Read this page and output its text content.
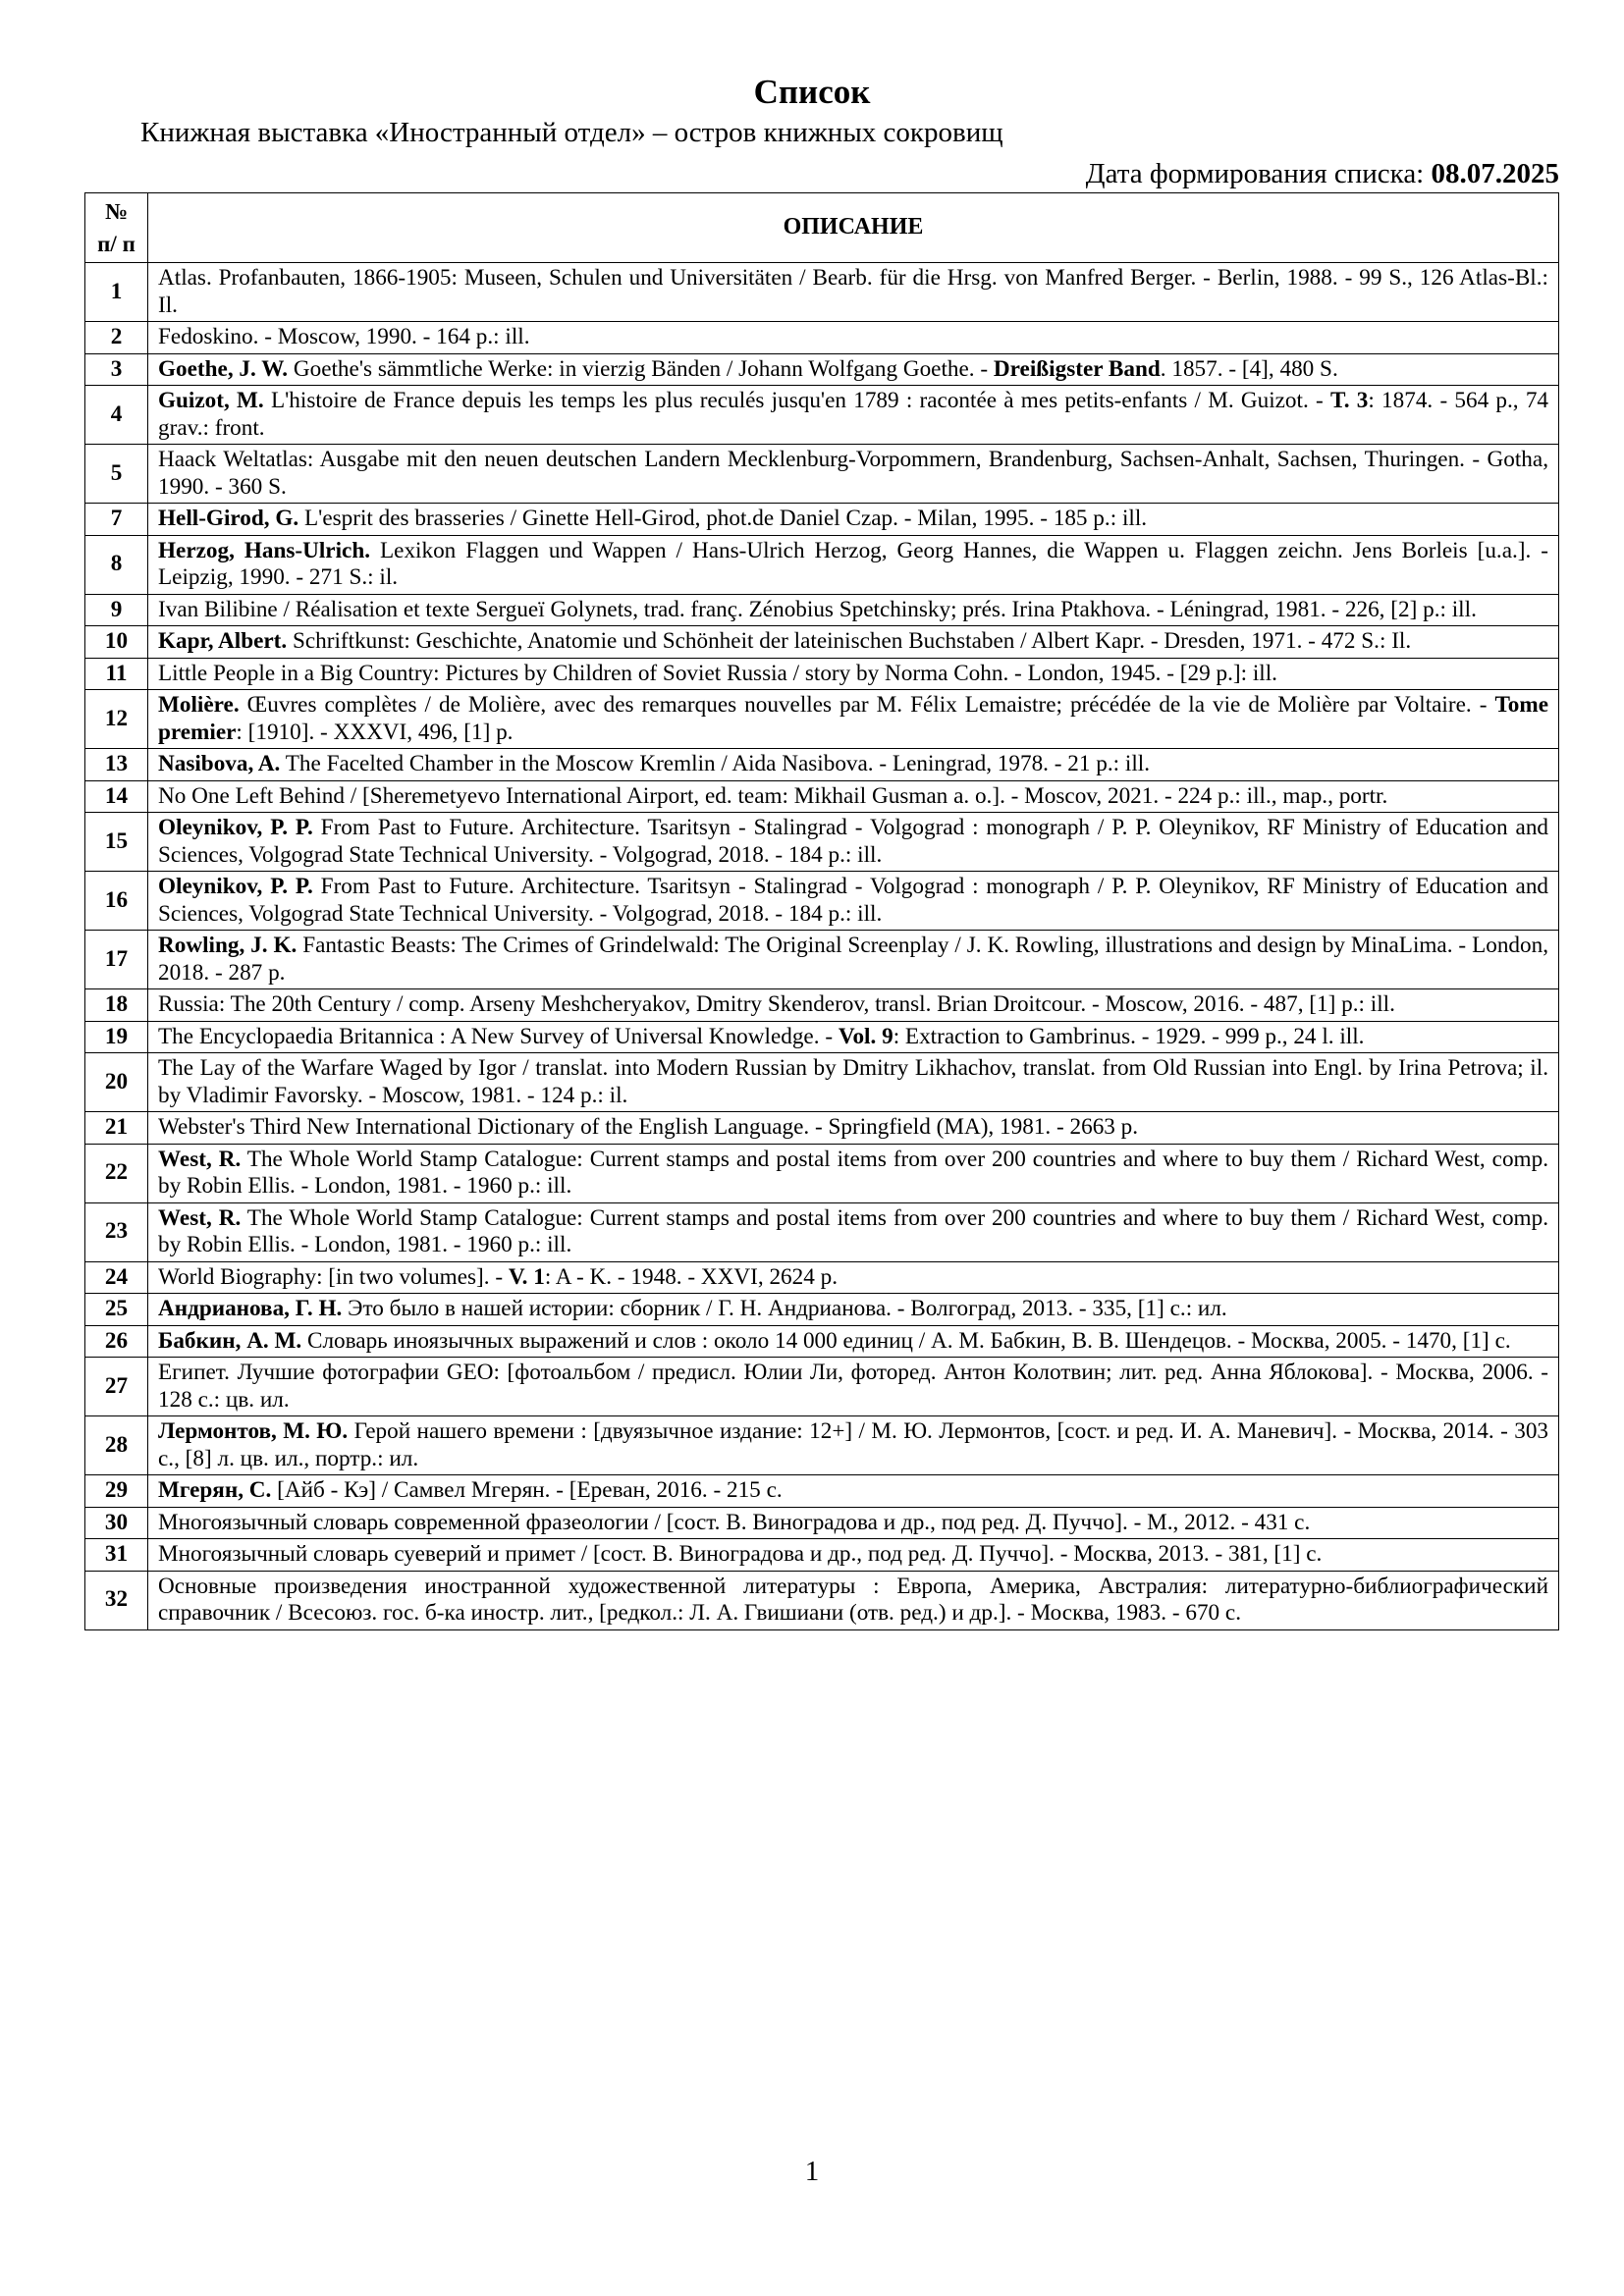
Список
Книжная выставка «Иностранный отдел» – остров книжных сокровищ
Дата формирования списка: 08.07.2025
№ п/ п	ОПИСАНИЕ
1	Atlas. Profanbauten, 1866-1905: Museen, Schulen und Universitäten / Bearb. für die Hrsg. von Manfred Berger. - Berlin, 1988. - 99 S., 126 Atlas-Bl.: Il.
2	Fedoskino. - Moscow, 1990. - 164 p.: ill.
3	Goethe, J. W. Goethe's sämmtliche Werke: in vierzig Bänden / Johann Wolfgang Goethe. - Dreißigster Band. 1857. - [4], 480 S.
4	Guizot, M. L'histoire de France depuis les temps les plus reculés jusqu'en 1789 : racontée à mes petits-enfants / M. Guizot. - T. 3: 1874. - 564 p., 74 grav.: front.
5	Haack Weltatlas: Ausgabe mit den neuen deutschen Landern Mecklenburg-Vorpommern, Brandenburg, Sachsen-Anhalt, Sachsen, Thuringen. - Gotha, 1990. - 360 S.
7	Hell-Girod, G. L'esprit des brasseries / Ginette Hell-Girod, phot.de Daniel Czap. - Milan, 1995. - 185 p.: ill.
8	Herzog, Hans-Ulrich. Lexikon Flaggen und Wappen / Hans-Ulrich Herzog, Georg Hannes, die Wappen u. Flaggen zeichn. Jens Borleis [u.a.]. - Leipzig, 1990. - 271 S.: il.
9	Ivan Bilibine / Réalisation et texte Sergueï Golynets, trad. franç. Zénobius Spetchinsky; prés. Irina Ptakhova. - Léningrad, 1981. - 226, [2] p.: ill.
10	Kapr, Albert. Schriftkunst: Geschichte, Anatomie und Schönheit der lateinischen Buchstaben / Albert Kapr. - Dresden, 1971. - 472 S.: Il.
11	Little People in a Big Country: Pictures by Children of Soviet Russia / story by Norma Cohn. - London, 1945. - [29 p.]: ill.
12	Molière. Œuvres complètes / de Molière, avec des remarques nouvelles par M. Félix Lemaistre; précédée de la vie de Molière par Voltaire. - Tome premier: [1910]. - XXXVI, 496, [1] p.
13	Nasibova, A. The Facelted Chamber in the Moscow Kremlin / Aida Nasibova. - Leningrad, 1978. - 21 p.: ill.
14	No One Left Behind / [Sheremetyevo International Airport, ed. team: Mikhail Gusman a. o.]. - Moscov, 2021. - 224 p.: ill., map., portr.
15	Oleynikov, P. P. From Past to Future. Architecture. Tsaritsyn - Stalingrad - Volgograd : monograph / P. P. Oleynikov, RF Ministry of Education and Sciences, Volgograd State Technical University. - Volgograd, 2018. - 184 p.: ill.
16	Oleynikov, P. P. From Past to Future. Architecture. Tsaritsyn - Stalingrad - Volgograd : monograph / P. P. Oleynikov, RF Ministry of Education and Sciences, Volgograd State Technical University. - Volgograd, 2018. - 184 p.: ill.
17	Rowling, J. K. Fantastic Beasts: The Crimes of Grindelwald: The Original Screenplay / J. K. Rowling, illustrations and design by MinaLima. - London, 2018. - 287 p.
18	Russia: The 20th Century / comp. Arseny Meshcheryakov, Dmitry Skenderov, transl. Brian Droitcour. - Moscow, 2016. - 487, [1] p.: ill.
19	The Encyclopaedia Britannica : A New Survey of Universal Knowledge. - Vol. 9: Extraction to Gambrinus. - 1929. - 999 p., 24 l. ill.
20	The Lay of the Warfare Waged by Igor / translat. into Modern Russian by Dmitry Likhachov, translat. from Old Russian into Engl. by Irina Petrova; il. by Vladimir Favorsky. - Moscow, 1981. - 124 p.: il.
21	Webster's Third New International Dictionary of the English Language. - Springfield (MA), 1981. - 2663 p.
22	West, R. The Whole World Stamp Catalogue: Current stamps and postal items from over 200 countries and where to buy them / Richard West, comp. by Robin Ellis. - London, 1981. - 1960 p.: ill.
23	West, R. The Whole World Stamp Catalogue: Current stamps and postal items from over 200 countries and where to buy them / Richard West, comp. by Robin Ellis. - London, 1981. - 1960 p.: ill.
24	World Biography: [in two volumes]. - V. 1: A - K. - 1948. - XXVI, 2624 p.
25	Андрианова, Г. Н. Это было в нашей истории: сборник / Г. Н. Андрианова. - Волгоград, 2013. - 335, [1] с.: ил.
26	Бабкин, А. М. Словарь иноязычных выражений и слов : около 14 000 единиц / А. М. Бабкин, В. В. Шендецов. - Москва, 2005. - 1470, [1] с.
27	Египет. Лучшие фотографии GEO: [фотоальбом / предисл. Юлии Ли, фоторед. Антон Колотвин; лит. ред. Анна Яблокова]. - Москва, 2006. - 128 с.: цв. ил.
28	Лермонтов, М. Ю. Герой нашего времени : [двуязычное издание: 12+] / М. Ю. Лермонтов, [сост. и ред. И. А. Маневич]. - Москва, 2014. - 303 с., [8] л. цв. ил., портр.: ил.
29	Мгерян, С. [Айб - Кэ] / Самвел Мгерян. - [Ереван, 2016. - 215 с.
30	Многоязычный словарь современной фразеологии / [сост. В. Виноградова и др., под ред. Д. Пуччо]. - М., 2012. - 431 с.
31	Многоязычный словарь суеверий и примет / [сост. В. Виноградова и др., под ред. Д. Пуччо]. - Москва, 2013. - 381, [1] с.
32	Основные произведения иностранной художественной литературы : Европа, Америка, Австралия: литературно-библиографический справочник / Всесоюз. гос. б-ка иностр. лит., [редкол.: Л. А. Гвишиани (отв. ред.) и др.]. - Москва, 1983. - 670 с.
1
